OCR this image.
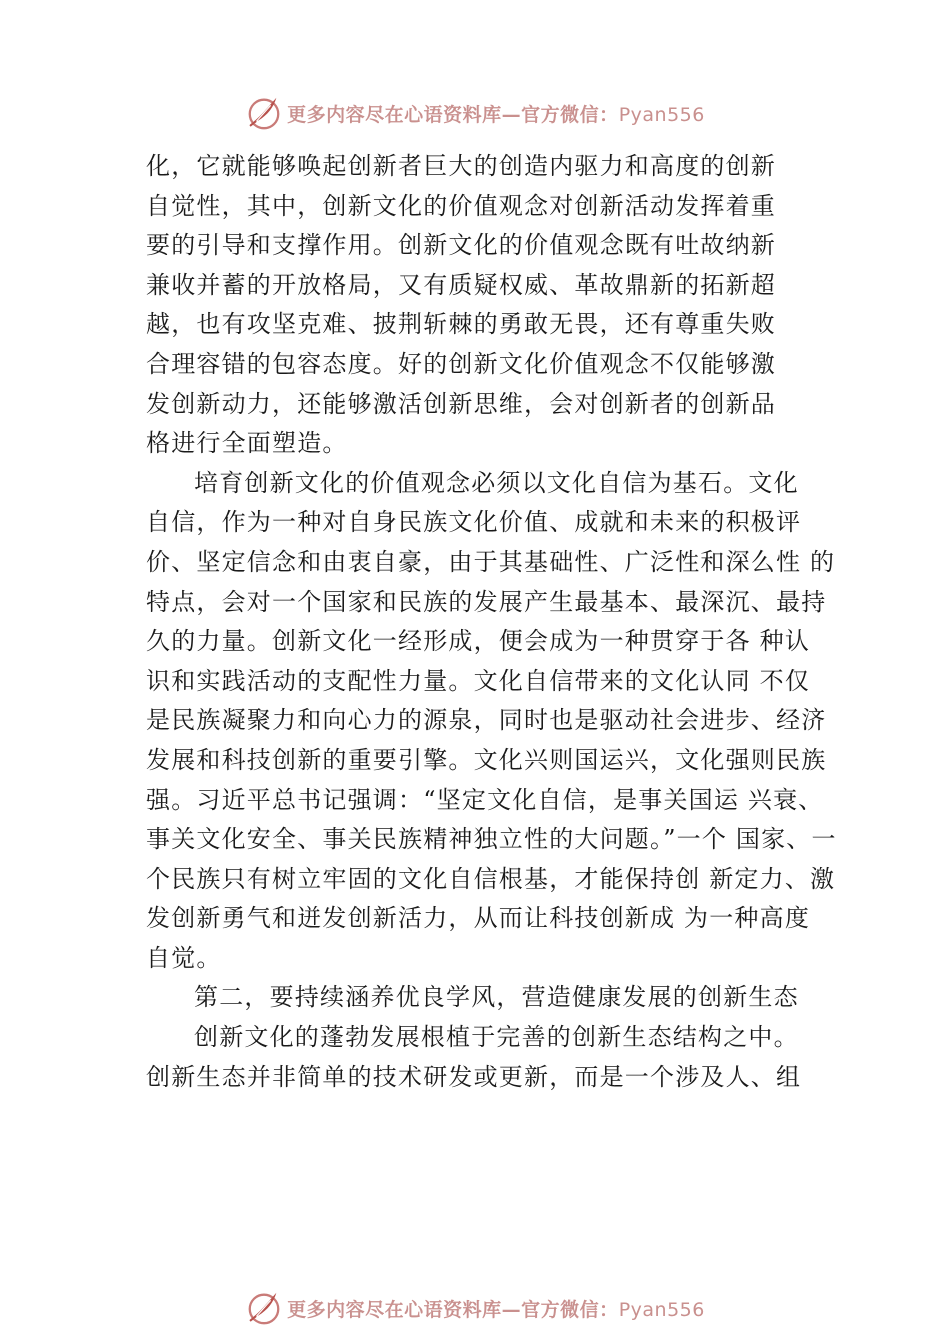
更多内容尽在心语资料库—官方微信：Pyan556
化，它就能够唤起创新者巨大的创造内驱力和高度的创新
自觉性，其中，创新文化的价值观念对创新活动发挥着重
要的引导和支撑作用。创新文化的价值观念既有吐故纳新
兼收并蓄的开放格局，又有质疑权威、革故鼎新的拓新超
越，也有攻坚克难、披荆斩棘的勇敢无畏，还有尊重失败
合理容错的包容态度。好的创新文化价值观念不仅能够激
发创新动力，还能够激活创新思维，会对创新者的创新品
格进行全面塑造。
培育创新文化的价值观念必须以文化自信为基石。文化
自信，作为一种对自身民族文化价值、成就和未来的积极评
价、坚定信念和由衷自豪，由于其基础性、广泛性和深么性 的
特点，会对一个国家和民族的发展产生最基本、最深沉、最持
久的力量。创新文化一经形成，便会成为一种贯穿于各 种认
识和实践活动的支配性力量。文化自信带来的文化认同 不仅
是民族凝聚力和向心力的源泉，同时也是驱动社会进步、经济
发展和科技创新的重要引擎。文化兴则国运兴，文化强则民族
强。习近平总书记强调：“坚定文化自信，是事关国运 兴衰、
事关文化安全、事关民族精神独立性的大问题。”一个 国家、一
个民族只有树立牢固的文化自信根基，才能保持创 新定力、激
发创新勇气和迸发创新活力，从而让科技创新成 为一种高度
自觉。
第二，要持续涵养优良学风，营造健康发展的创新生态
创新文化的蓬勃发展根植于完善的创新生态结构之中。
创新生态并非简单的技术研发或更新，而是一个涉及人、组
更多内容尽在心语资料库—官方微信：Pyan556
